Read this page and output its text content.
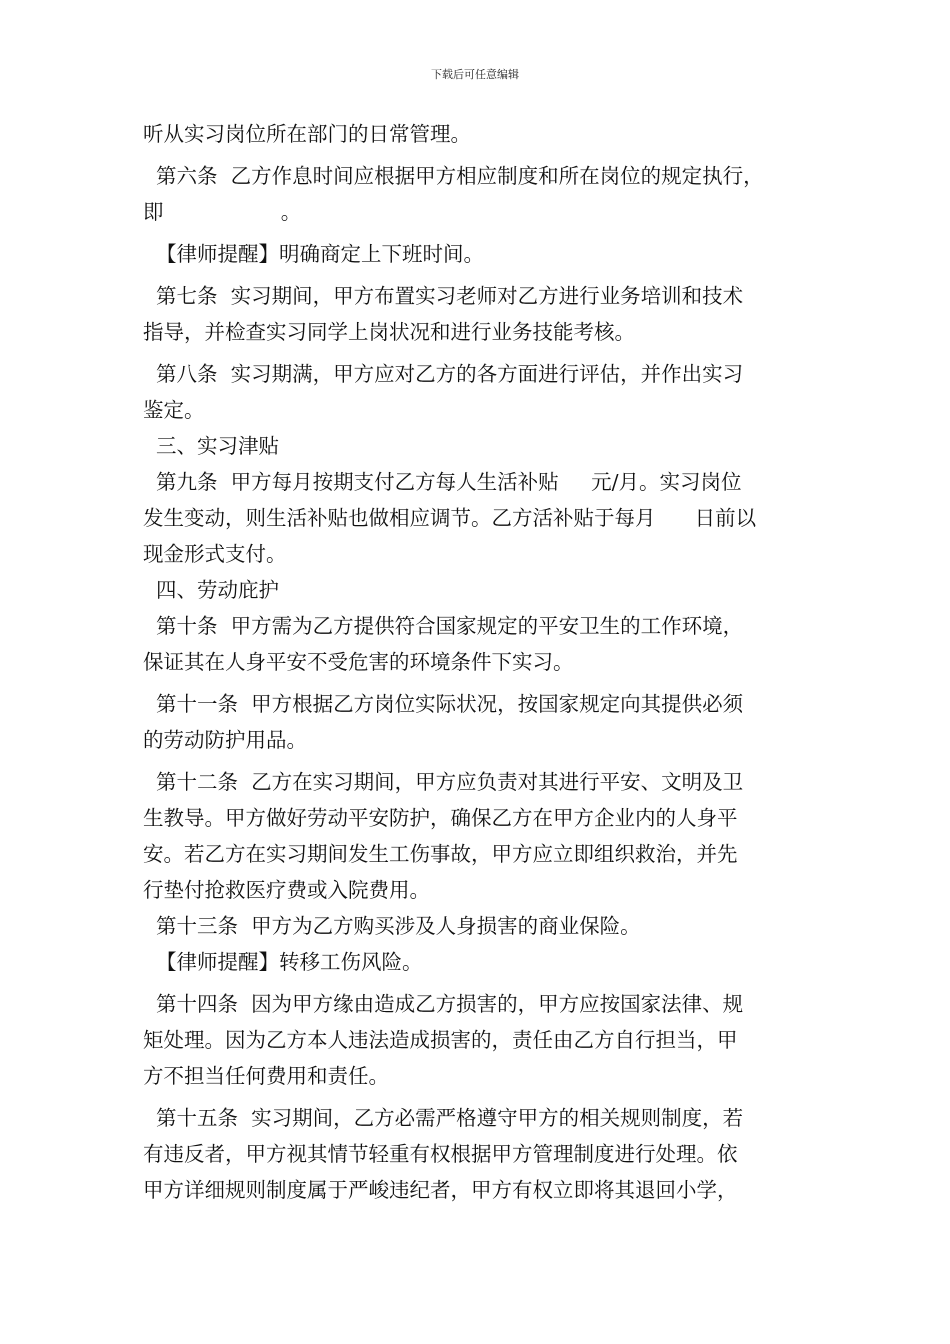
下载后可任意编辑
听从实习岗位所在部门的日常管理。
第六条  乙方作息时间应根据甲方相应制度和所在岗位的规定执行，
即                  。
【律师提醒】明确商定上下班时间。
第七条  实习期间，甲方布置实习老师对乙方进行业务培训和技术
指导，并检查实习同学上岗状况和进行业务技能考核。
第八条  实习期满，甲方应对乙方的各方面进行评估，并作出实习
鉴定。
三、实习津贴
第九条  甲方每月按期支付乙方每人生活补贴     元/月。实习岗位
发生变动，则生活补贴也做相应调节。乙方活补贴于每月      日前以
现金形式支付。
四、劳动庇护
第十条  甲方需为乙方提供符合国家规定的平安卫生的工作环境，
保证其在人身平安不受危害的环境条件下实习。
第十一条  甲方根据乙方岗位实际状况，按国家规定向其提供必须
的劳动防护用品。
第十二条  乙方在实习期间，甲方应负责对其进行平安、文明及卫
生教导。甲方做好劳动平安防护，确保乙方在甲方企业内的人身平
安。若乙方在实习期间发生工伤事故，甲方应立即组织救治，并先
行垫付抢救医疗费或入院费用。
第十三条  甲方为乙方购买涉及人身损害的商业保险。
【律师提醒】转移工伤风险。
第十四条  因为甲方缘由造成乙方损害的，甲方应按国家法律、规
矩处理。因为乙方本人违法造成损害的，责任由乙方自行担当，甲
方不担当任何费用和责任。
第十五条  实习期间，乙方必需严格遵守甲方的相关规则制度，若
有违反者，甲方视其情节轻重有权根据甲方管理制度进行处理。依
甲方详细规则制度属于严峻违纪者，甲方有权立即将其退回小学，
